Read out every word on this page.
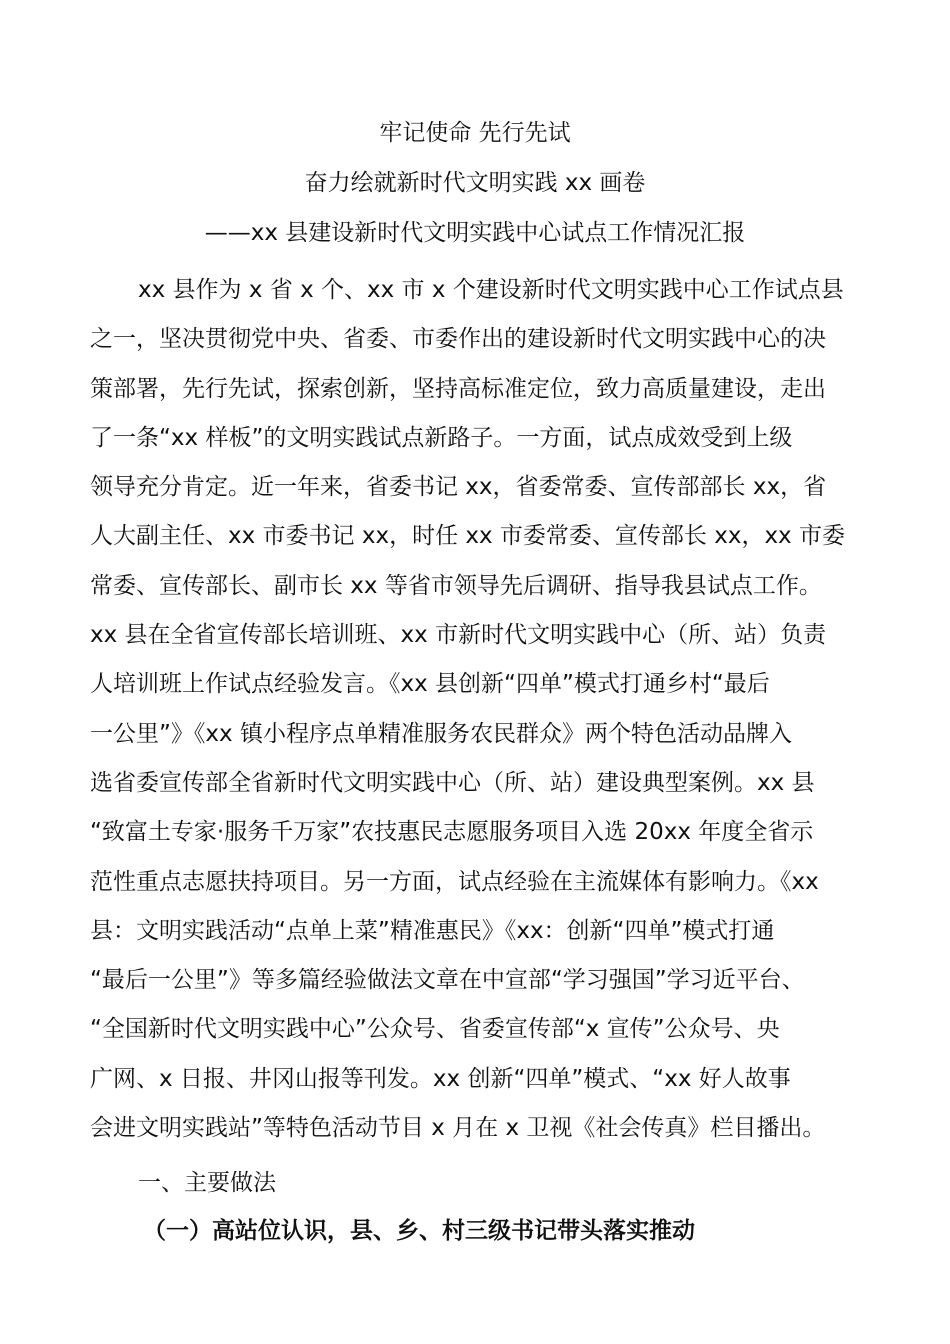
牢记使命 先行先试
奋力绘就新时代文明实践 xx 画卷
——xx 县建设新时代文明实践中心试点工作情况汇报
xx 县作为 x 省 x 个、xx 市 x 个建设新时代文明实践中心工作试点县
之一，坚决贯彻党中央、省委、市委作出的建设新时代文明实践中心的决
策部署，先行先试，探索创新，坚持高标准定位，致力高质量建设，走出
了一条“xx 样板”的文明实践试点新路子。一方面，试点成效受到上级
领导充分肯定。近一年来，省委书记 xx，省委常委、宣传部部长 xx，省
人大副主任、xx 市委书记 xx，时任 xx 市委常委、宣传部长 xx，xx 市委
常委、宣传部长、副市长 xx 等省市领导先后调研、指导我县试点工作。
xx 县在全省宣传部长培训班、xx 市新时代文明实践中心（所、站）负责
人培训班上作试点经验发言。《xx 县创新“四单”模式打通乡村“最后
一公里”》《xx 镇小程序点单精准服务农民群众》两个特色活动品牌入
选省委宣传部全省新时代文明实践中心（所、站）建设典型案例。xx 县
“致富土专家·服务千万家”农技惠民志愿服务项目入选 20xx 年度全省示
范性重点志愿扶持项目。另一方面，试点经验在主流媒体有影响力。《xx
县：文明实践活动“点单上菜”精准惠民》《xx：创新“四单”模式打通
“最后一公里”》等多篇经验做法文章在中宣部“学习强国”学习近平台、
“全国新时代文明实践中心”公众号、省委宣传部“x 宣传”公众号、央
广网、x 日报、井冈山报等刊发。xx 创新“四单”模式、“xx 好人故事
会进文明实践站”等特色活动节目 x 月在 x 卫视《社会传真》栏目播出。
一、主要做法
（一）高站位认识，县、乡、村三级书记带头落实推动
